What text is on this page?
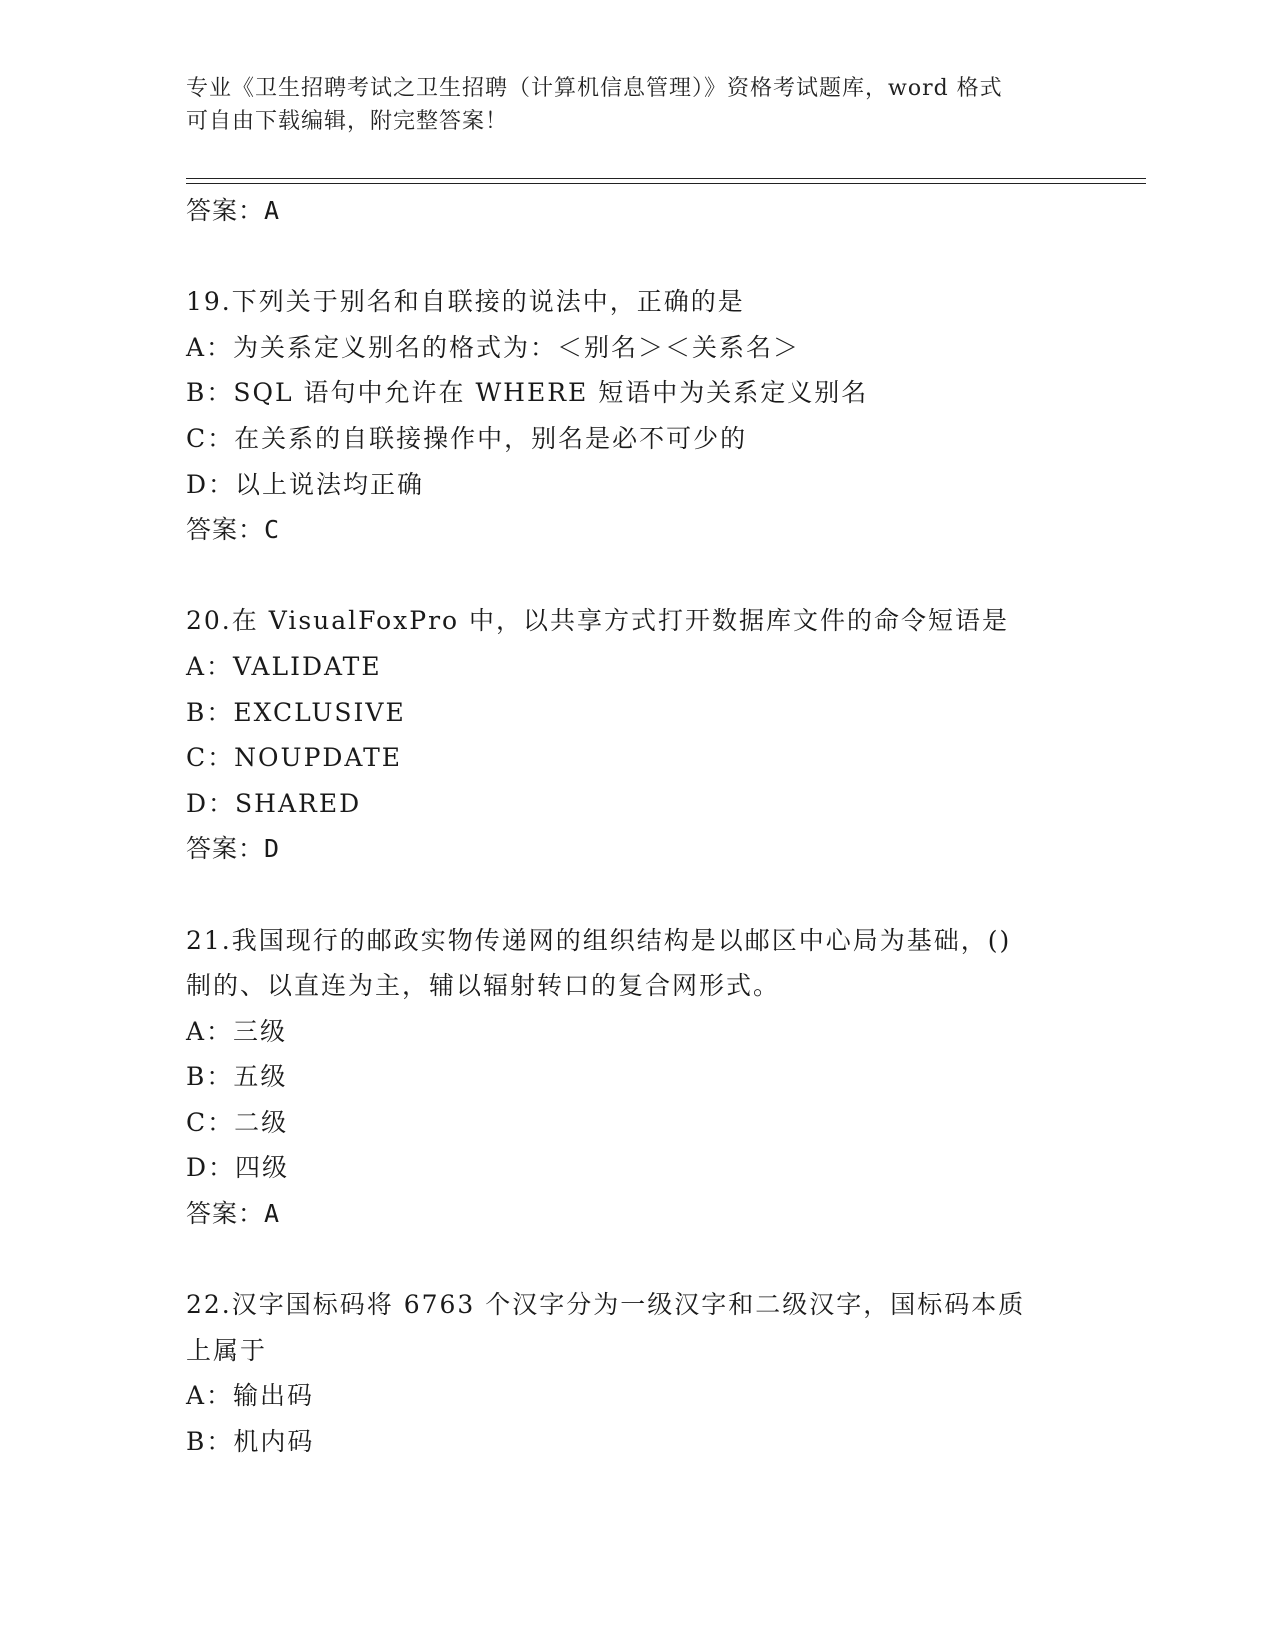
专业《卫生招聘考试之卫生招聘（计算机信息管理）》资格考试题库，word 格式
可自由下载编辑，附完整答案！
答案：A
19.下列关于别名和自联接的说法中，正确的是
A：为关系定义别名的格式为：＜别名＞＜关系名＞
B：SQL 语句中允许在 WHERE 短语中为关系定义别名
C：在关系的自联接操作中，别名是必不可少的
D：以上说法均正确
答案：C
20.在 VisualFoxPro 中，以共享方式打开数据库文件的命令短语是
A：VALIDATE
B：EXCLUSIVE
C：NOUPDATE
D：SHARED
答案：D
21.我国现行的邮政实物传递网的组织结构是以邮区中心局为基础，()
制的、以直连为主，辅以辐射转口的复合网形式。
A：三级
B：五级
C：二级
D：四级
答案：A
22.汉字国标码将 6763 个汉字分为一级汉字和二级汉字，国标码本质
上属于
A：输出码
B：机内码
